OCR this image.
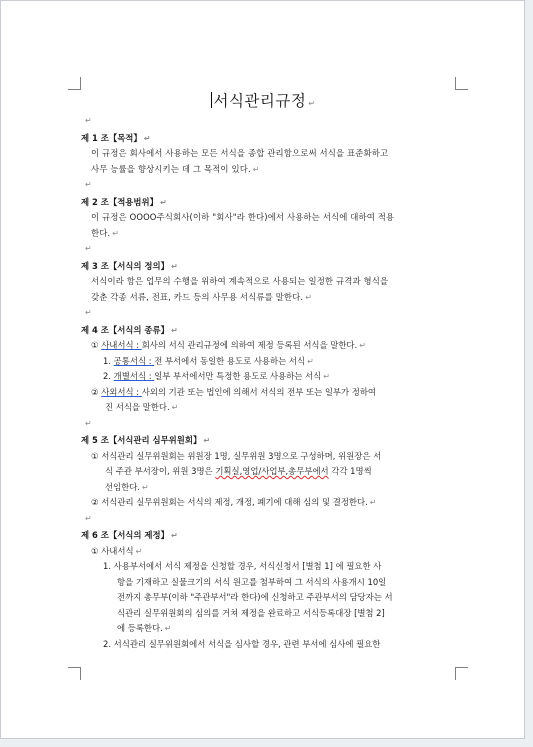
서식관리규정 ↵
↵
제 1 조【목적】 ↵
이 규정은 회사에서 사용하는 모든 서식을 종합 관리함으로써 서식을 표준화하고
사무 능률을 향상시키는 데 그 목적이 있다. ↵
↵
제 2 조【적용범위】 ↵
이 규정은 OOOO주식회사(이하 "회사"라 한다)에서 사용하는 서식에 대하여 적용
한다. ↵
↵
제 3 조【서식의 정의】 ↵
서식이라 함은 업무의 수행을 위하여 계속적으로 사용되는 일정한 규격과 형식을
갖춘 각종 서류, 전표, 카드 등의 사무용 서식류를 말한다. ↵
↵
제 4 조【서식의 종류】 ↵
① 사내서식 : 회사의 서식 관리규정에 의하여 제정 등록된 서식을 말한다. ↵
1. 공통서식 : 전 부서에서 동일한 용도로 사용하는 서식 ↵
2. 개별서식 : 일부 부서에서만 특정한 용도로 사용하는 서식 ↵
② 사외서식 : 사외의 기관 또는 법인에 의해서 서식의 전부 또는 일부가 정하여
진 서식을 말한다. ↵
↵
제 5 조【서식관리 심무위원회】 ↵
① 서식관리 실무위원회는 위원장 1명, 실무위원 3명으로 구성하며, 위원장은 서
식 주관 부서장이, 위원 3명은 기획실,영업/사업부,총무부에서 각각 1명씩
선임한다. ↵
② 서식관리 실무위원회는 서식의 제정, 개정, 폐기에 대해 심의 및 결정한다. ↵
↵
제 6 조【서식의 제정】 ↵
① 사내서식 ↵
1. 사용부서에서 서식 제정을 신청할 경우, 서식신청서 [별첨 1] 에 필요한 사
항을 기재하고 실물크기의 서식 원고를 첨부하여 그 서식의 사용개시 10일
전까지 총무부(이하 "주관부서"라 한다)에 신청하고 주관부서의 담당자는 서
식관리 실무위원회의 심의를 거쳐 제정을 완료하고 서식등록대장 [별첨 2]
에 등록한다. ↵
2. 서식관리 실무위원회에서 서식을 심사할 경우, 관련 부서에 심사에 필요한
